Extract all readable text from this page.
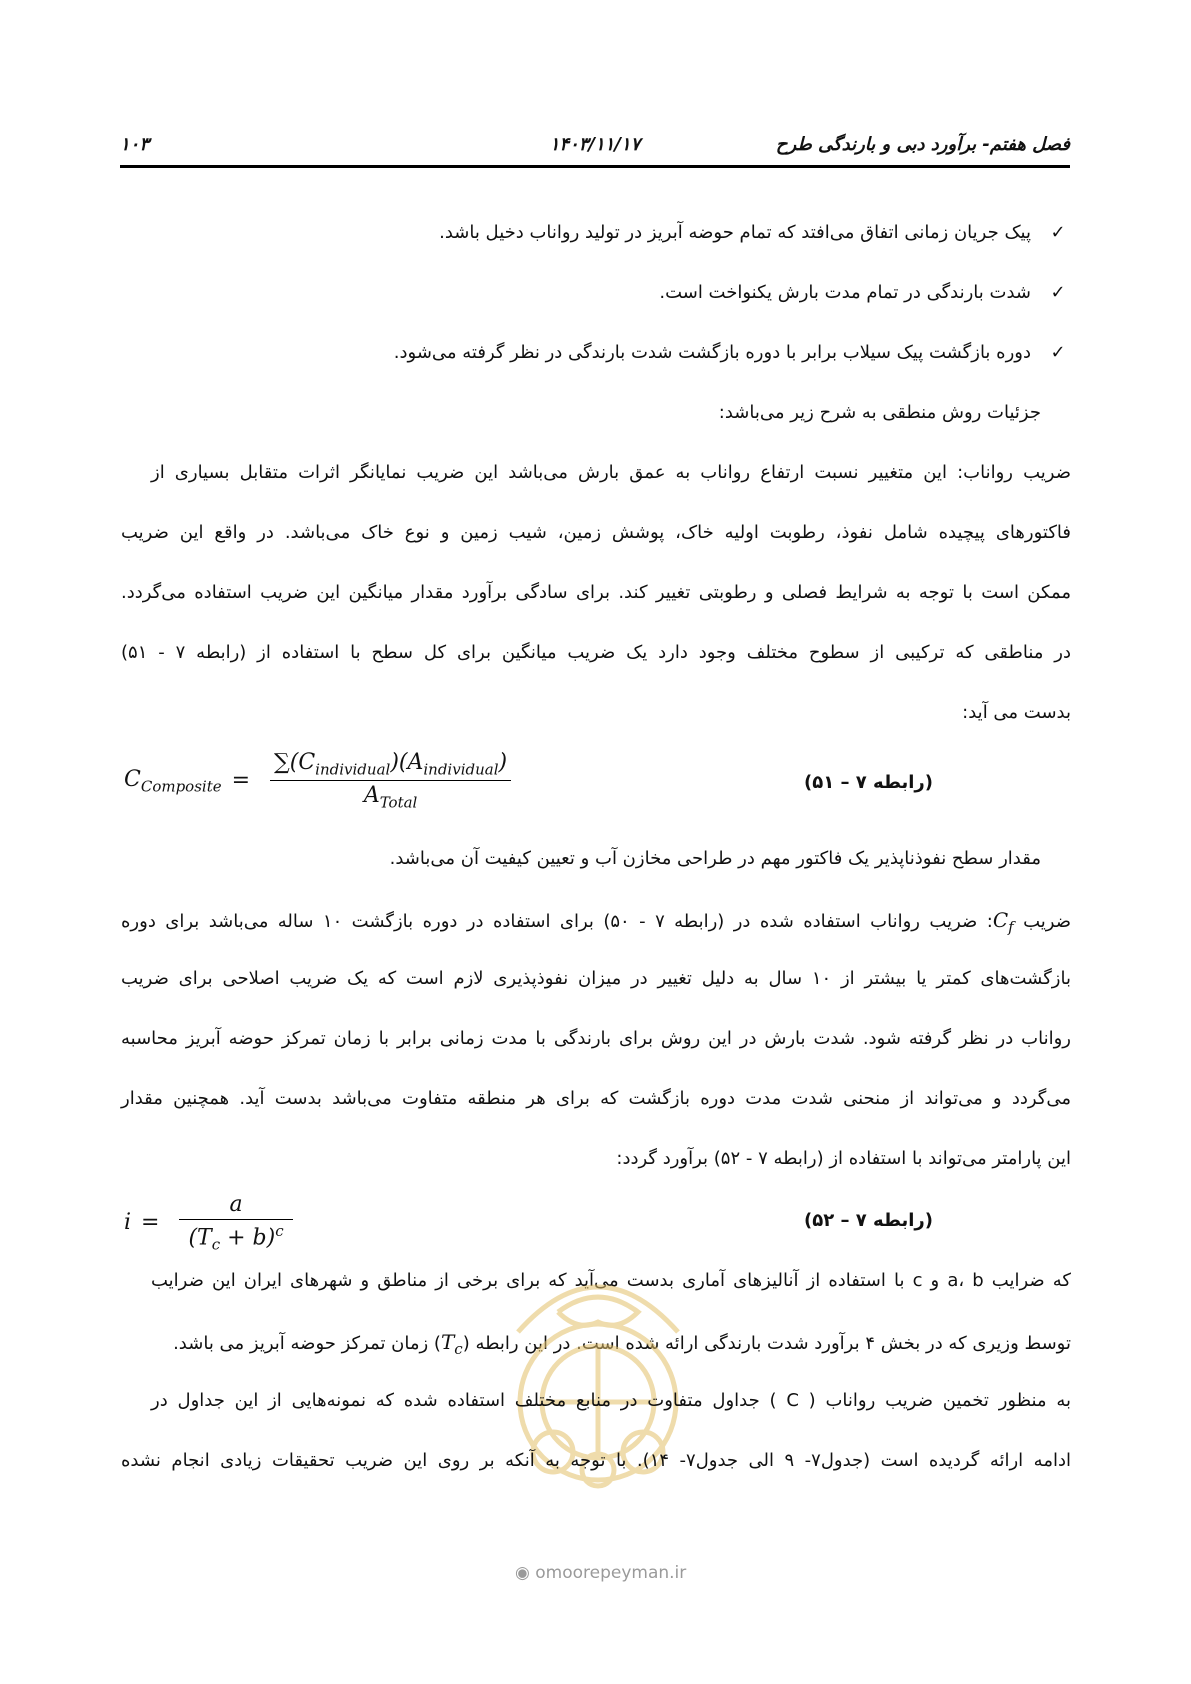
فصل هفتم- برآورد دبی و بارندگی طرح
۱۴۰۳/۱۱/۱۷
۱۰۳
✓پیک جریان زمانی اتفاق می‌افتد که تمام حوضه آبریز در تولید رواناب دخیل باشد.
✓شدت بارندگی در تمام مدت بارش یکنواخت است.
✓دوره بازگشت پیک سیلاب برابر با دوره بازگشت شدت بارندگی در نظر گرفته می‌شود.
جزئیات روش منطقی به شرح زیر می‌باشد:
ضریب رواناب: این متغییر نسبت ارتفاع رواناب به عمق بارش می‌باشد این ضریب نمایانگر اثرات متقابل بسیاری از
فاکتورهای پیچیده شامل نفوذ، رطوبت اولیه خاک، پوشش زمین، شیب زمین و نوع خاک می‌باشد. در واقع این ضریب
ممکن است با توجه به شرایط فصلی و رطوبتی تغییر کند. برای سادگی برآورد مقدار میانگین این ضریب استفاده می‌گردد.
در مناطقی که ترکیبی از سطوح مختلف وجود دارد یک ضریب میانگین برای کل سطح با استفاده از (رابطه ۷ - ۵۱)
بدست می آید:
$C_{Composite} = \frac{\sum(C_{individual})(A_{individual})}{A_{Total}}$	(رابطه ۷ – ۵۱)
مقدار سطح نفوذناپذیر یک فاکتور مهم در طراحی مخازن آب و تعیین کیفیت آن می‌باشد.
ضریب $C_f$: ضریب رواناب استفاده شده در (رابطه ۷ - ۵۰) برای استفاده در دوره بازگشت ۱۰ ساله می‌باشد برای دوره
بازگشت‌های کمتر یا بیشتر از ۱۰ سال به دلیل تغییر در میزان نفوذپذیری لازم است که یک ضریب اصلاحی برای ضریب
رواناب در نظر گرفته شود. شدت بارش در این روش برای بارندگی با مدت زمانی برابر با زمان تمرکز حوضه آبریز محاسبه
می‌گردد و می‌تواند از منحنی شدت مدت دوره بازگشت که برای هر منطقه متفاوت می‌باشد بدست آید. همچنین مقدار
این پارامتر می‌تواند با استفاده از (رابطه ۷ - ۵۲) برآورد گردد:
$i = \frac{a}{(T_c + b)^c}$	(رابطه ۷ – ۵۲)
که ضرایب a، b و c با استفاده از آنالیزهای آماری بدست می‌آید که برای برخی از مناطق و شهرهای ایران این ضرایب
توسط وزیری که در بخش ۴ برآورد شدت بارندگی ارائه شده است. در این رابطه $(T_c)$ زمان تمرکز حوضه آبریز می باشد.
به منظور تخمین ضریب رواناب ( C ) جداول متفاوت در منابع مختلف استفاده شده که نمونه‌هایی از این جداول در
ادامه ارائه گردیده است (جدول۷- ۹ الی جدول۷- ۱۴). با توجه به آنکه بر روی این ضریب تحقیقات زیادی انجام نشده
◉ omoorepeyman.ir
